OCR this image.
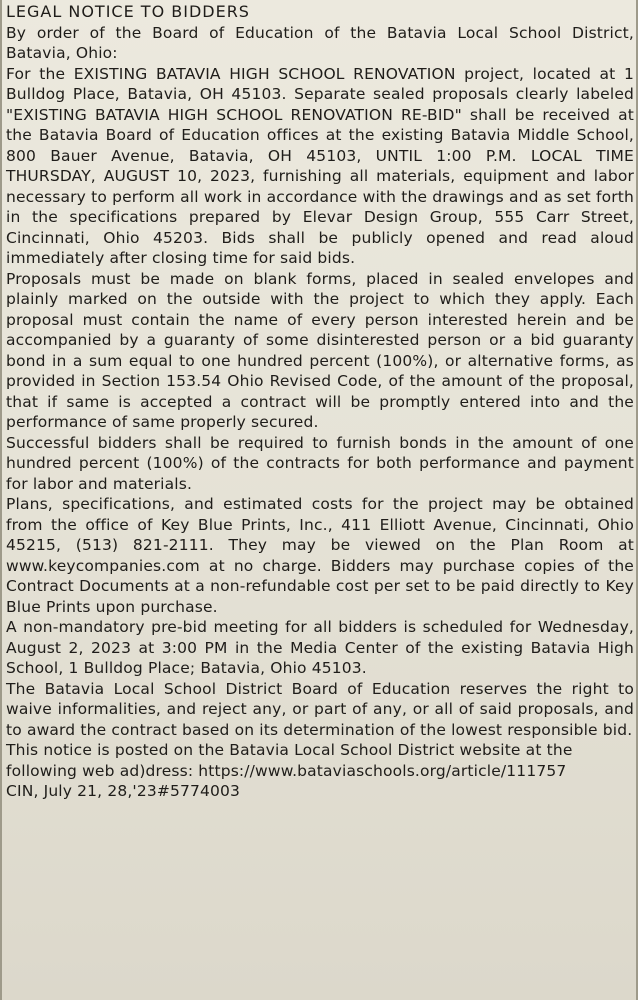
LEGAL NOTICE TO BIDDERS

By order of the Board of Education of the Batavia Local School District, Batavia, Ohio:

For the EXISTING BATAVIA HIGH SCHOOL RENOVATION project, located at 1 Bulldog Place, Batavia, OH 45103. Separate sealed proposals clearly labeled "EXISTING BATAVIA HIGH SCHOOL RENOVATION RE-BID" shall be received at the Batavia Board of Education offices at the existing Batavia Middle School, 800 Bauer Avenue, Batavia, OH 45103, UNTIL 1:00 P.M. LOCAL TIME THURSDAY, AUGUST 10, 2023, furnishing all materials, equipment and labor necessary to perform all work in accordance with the drawings and as set forth in the specifications prepared by Elevar Design Group, 555 Carr Street, Cincinnati, Ohio 45203. Bids shall be publicly opened and read aloud immediately after closing time for said bids.

Proposals must be made on blank forms, placed in sealed envelopes and plainly marked on the outside with the project to which they apply. Each proposal must contain the name of every person interested herein and be accompanied by a guaranty of some disinterested person or a bid guaranty bond in a sum equal to one hundred percent (100%), or alternative forms, as provided in Section 153.54 Ohio Revised Code, of the amount of the proposal, that if same is accepted a contract will be promptly entered into and the performance of same properly secured.

Successful bidders shall be required to furnish bonds in the amount of one hundred percent (100%) of the contracts for both performance and payment for labor and materials.

Plans, specifications, and estimated costs for the project may be obtained from the office of Key Blue Prints, Inc., 411 Elliott Avenue, Cincinnati, Ohio 45215, (513) 821-2111. They may be viewed on the Plan Room at www.keycompanies.com at no charge. Bidders may purchase copies of the Contract Documents at a non-refundable cost per set to be paid directly to Key Blue Prints upon purchase.

A non-mandatory pre-bid meeting for all bidders is scheduled for Wednesday, August 2, 2023 at 3:00 PM in the Media Center of the existing Batavia High School, 1 Bulldog Place; Batavia, Ohio 45103.

The Batavia Local School District Board of Education reserves the right to waive informalities, and reject any, or part of any, or all of said proposals, and to award the contract based on its determination of the lowest responsible bid.

This notice is posted on the Batavia Local School District website at the following web ad)dress: https://www.bataviaschools.org/article/111757

CIN, July 21, 28,'23#5774003
